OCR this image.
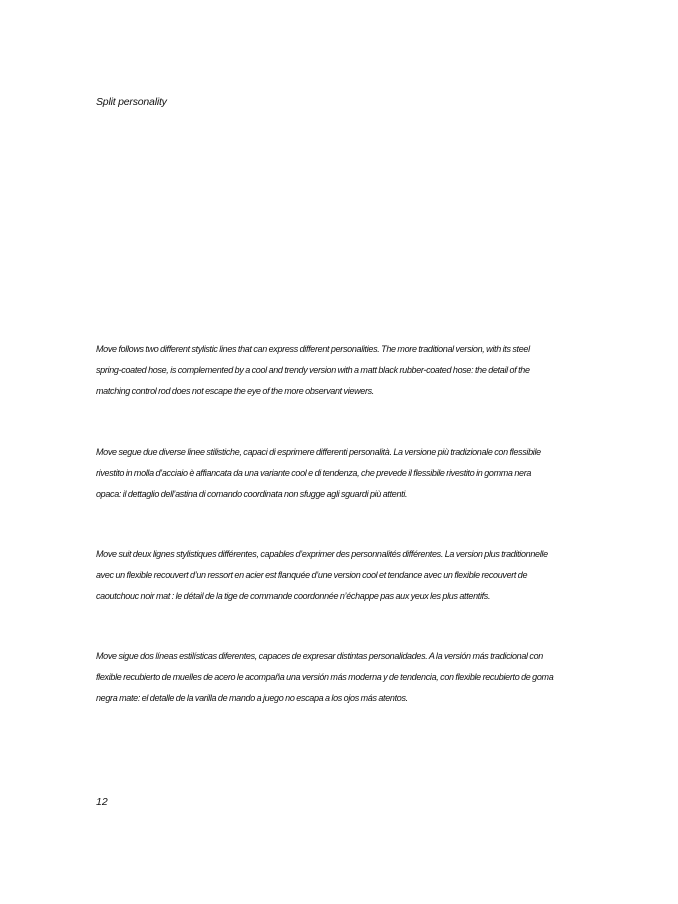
Split personality

Move follows two different stylistic lines that can express different personalities. The more traditional version, with its steel spring-coated hose, is complemented by a cool and trendy version with a matt black rubber-coated hose: the detail of the matching control rod does not escape the eye of the more observant viewers.

Move segue due diverse linee stilistiche, capaci di esprimere differenti personalità. La versione più tradizionale con flessibile rivestito in molla d’acciaio è affiancata da una variante cool e di tendenza, che prevede il flessibile rivestito in gomma nera opaca: il dettaglio dell’astina di comando coordinata non sfugge agli sguardi più attenti.

Move suit deux lignes stylistiques différentes, capables d’exprimer des personnalités différentes. La version plus traditionnelle avec un flexible recouvert d’un ressort en acier est flanquée d’une version cool et tendance avec un flexible recouvert de caoutchouc noir mat : le détail de la tige de commande coordonnée n’échappe pas aux yeux les plus attentifs.

Move sigue dos líneas estilísticas diferentes, capaces de expresar distintas personalidades. A la versión más tradicional con flexible recubierto de muelles de acero le acompaña una versión más moderna y de tendencia, con flexible recubierto de goma negra mate: el detalle de la varilla de mando a juego no escapa a los ojos más atentos.

12
